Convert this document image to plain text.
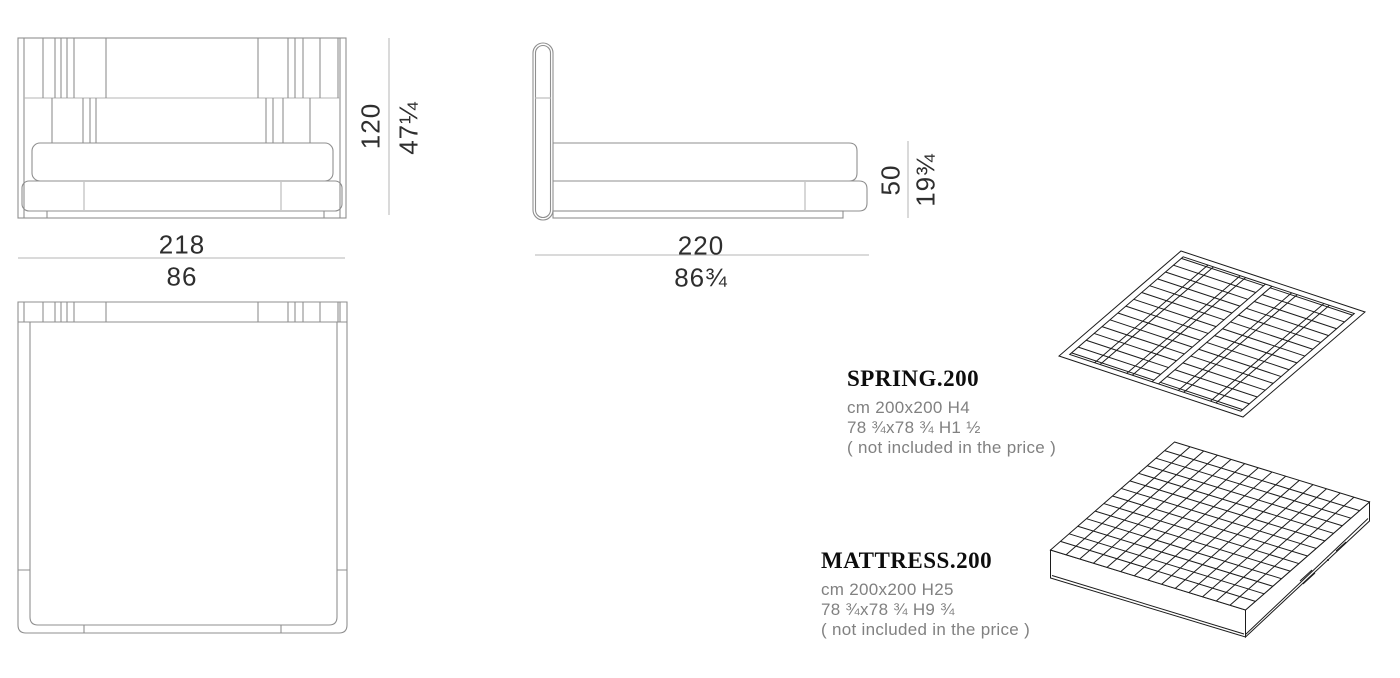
218
86
120 47¼
220
86¾
50 19¾

SPRING.200

cm 200x200 H4

78 ¾x78 ¾ H1 ½

( not included in the price )

MATTRESS.200

cm 200x200 H25

78 ¾x78 ¾ H9 ¾

( not included in the price )
